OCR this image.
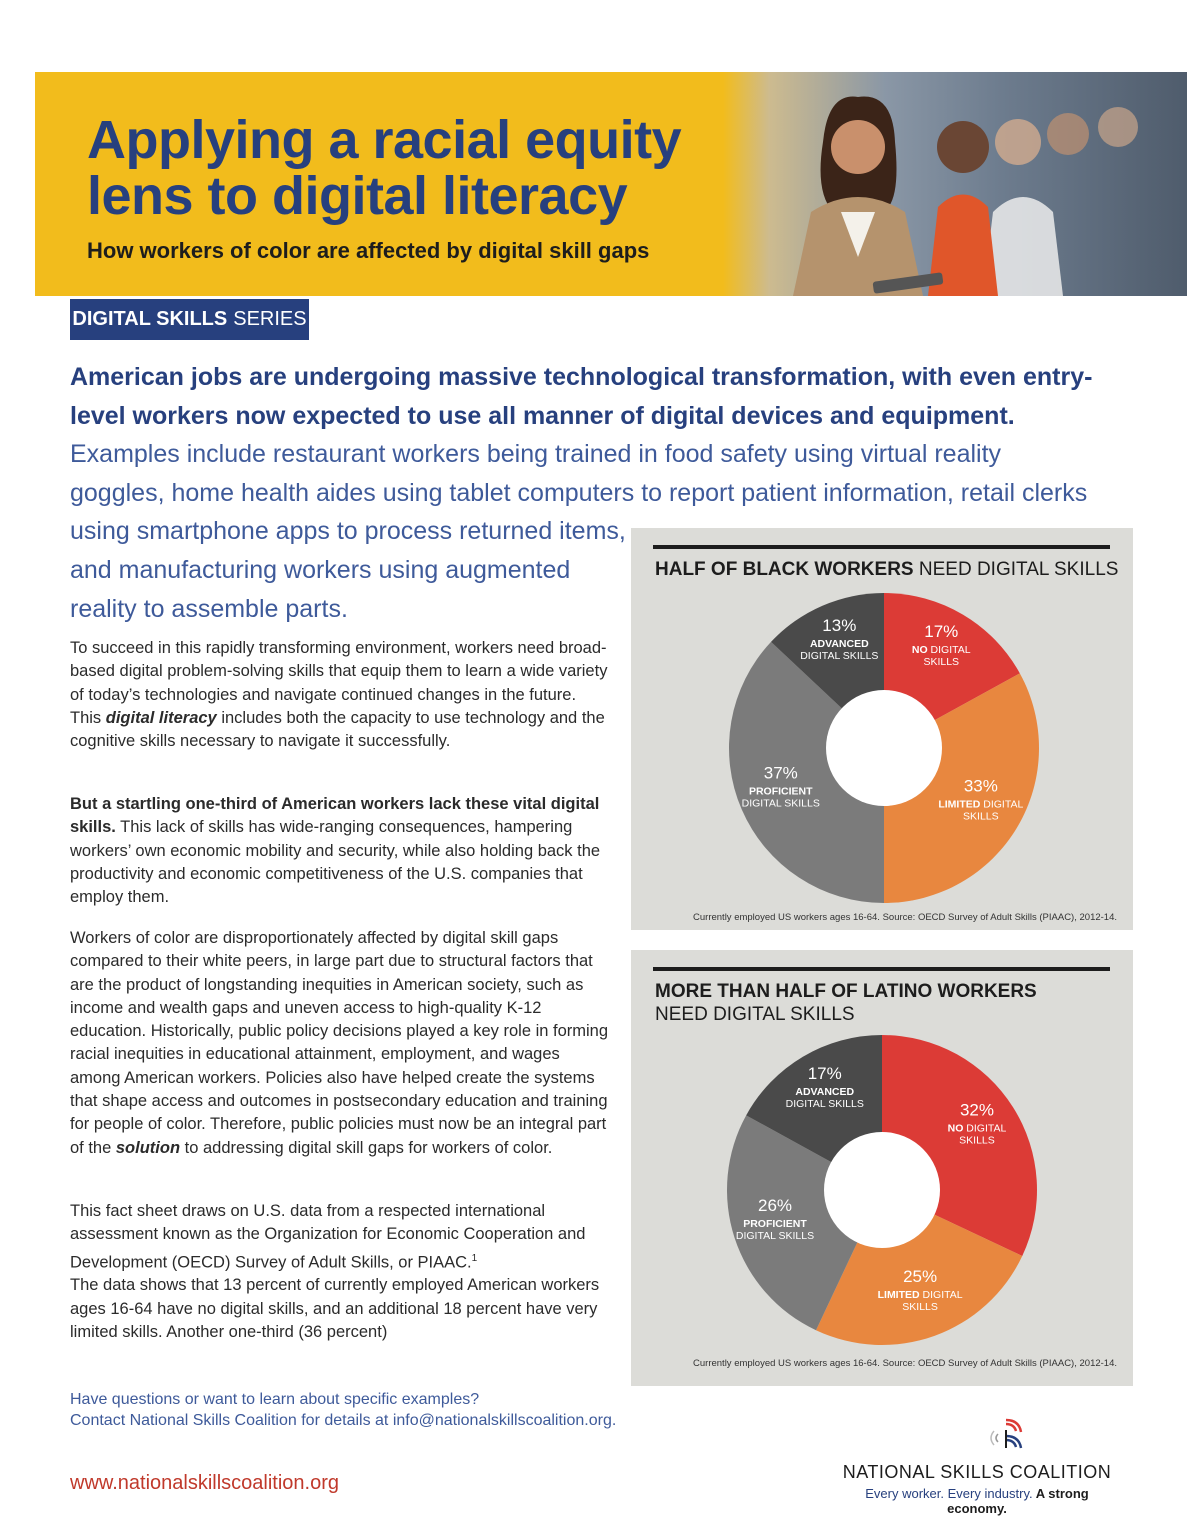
Applying a racial equity lens to digital literacy
How workers of color are affected by digital skill gaps
DIGITAL SKILLS SERIES

American jobs are undergoing massive technological transformation, with even entry-level workers now expected to use all manner of digital devices and equipment. Examples include restaurant workers being trained in food safety using virtual reality goggles, home health aides using tablet computers to report patient information, retail clerks
using smartphone apps to process returned items, and manufacturing workers using augmented reality to assemble parts.

To succeed in this rapidly transforming environment, workers need broad-based digital problem-solving skills that equip them to learn a wide variety of today’s technologies and navigate continued changes in the future. This digital literacy includes both the capacity to use technology and the cognitive skills necessary to navigate it successfully.

But a startling one-third of American workers lack these vital digital skills. This lack of skills has wide-ranging consequences, hampering workers’ own economic mobility and security, while also holding back the productivity and economic competitiveness of the U.S. companies that employ them.

Workers of color are disproportionately affected by digital skill gaps compared to their white peers, in large part due to structural factors that are the product of longstanding inequities in American society, such as income and wealth gaps and uneven access to high-quality K-12 education. Historically, public policy decisions played a key role in forming racial inequities in educational attainment, employment, and wages among American workers. Policies also have helped create the systems that shape access and outcomes in postsecondary education and training for people of color. Therefore, public policies must now be an integral part of the solution to addressing digital skill gaps for workers of color.

This fact sheet draws on U.S. data from a respected international assessment known as the Organization for Economic Cooperation and Development (OECD) Survey of Adult Skills, or PIAAC.$^1$
The data shows that 13 percent of currently employed American workers ages 16-64 have no digital skills, and an additional 18 percent have very limited skills. Another one-third (36 percent)

Have questions or want to learn about specific examples?
Contact National Skills Coalition for details at info@nationalskillscoalition.org.

www.nationalskillscoalition.org

HALF OF BLACK WORKERS NEED DIGITAL SKILLS

17%
NO DIGITAL
SKILLS
33%
LIMITED DIGITAL
SKILLS
37%
PROFICIENT
DIGITAL SKILLS
13%
ADVANCED
DIGITAL SKILLS

Currently employed US workers ages 16-64. Source: OECD Survey of Adult Skills (PIAAC), 2012-14.

MORE THAN HALF OF LATINO WORKERS
NEED DIGITAL SKILLS

32%
NO DIGITAL
SKILLS
25%
LIMITED DIGITAL
SKILLS
26%
PROFICIENT
DIGITAL SKILLS
17%
ADVANCED
DIGITAL SKILLS

Currently employed US workers ages 16-64. Source: OECD Survey of Adult Skills (PIAAC), 2012-14.

NATIONAL SKILLS COALITION

Every worker. Every industry. A strong economy.
